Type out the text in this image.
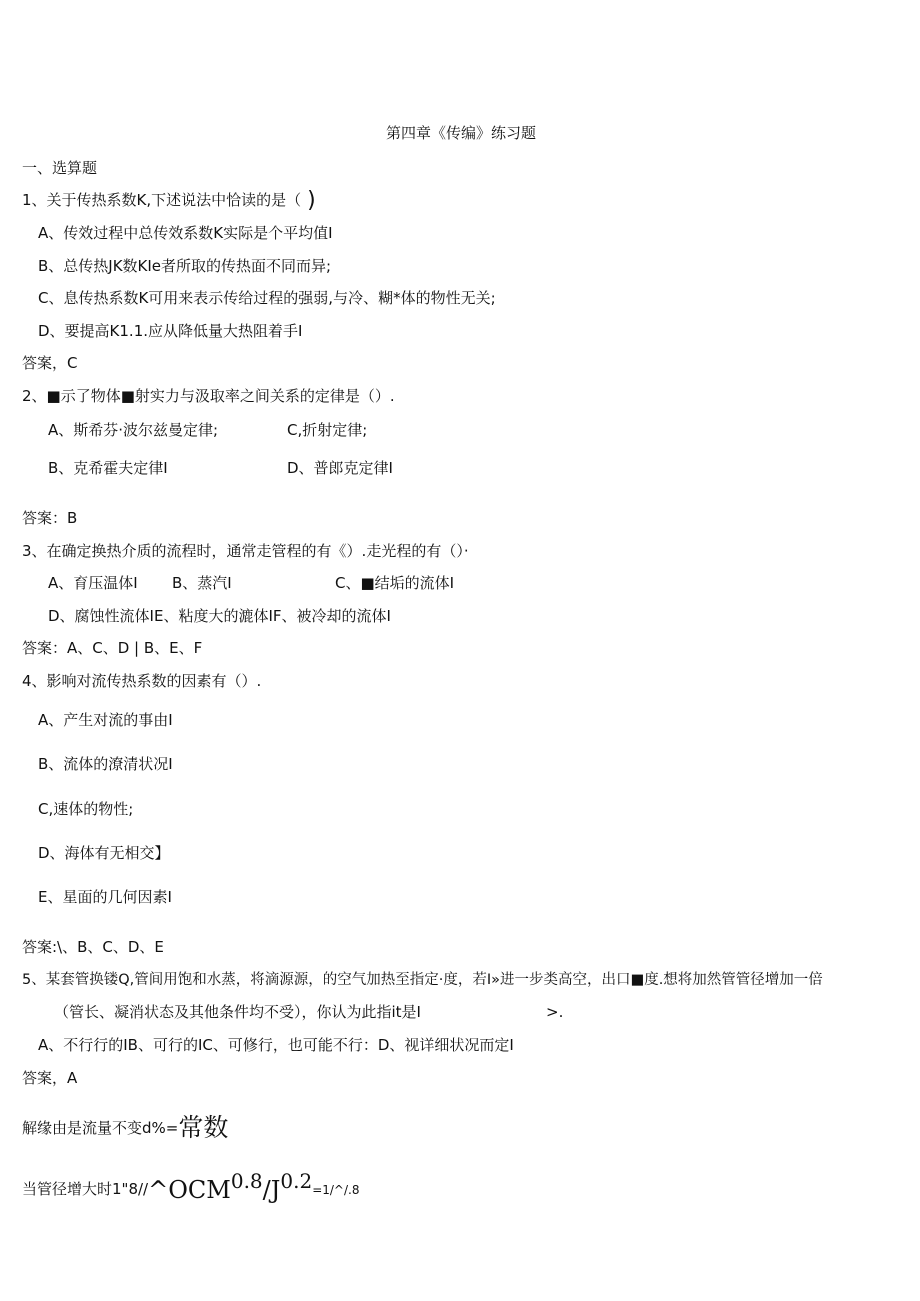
第四章《传编》练习题
一、选算题
1、关于传热系数K,下述说法中恰读的是（ )
A、传效过程中总传效系数K实际是个平均值I
B、总传热JK数KIe者所取的传热面不同而异;
C、息传热系数K可用来表示传给过程的强弱,与冷、糊*体的物性无关;
D、要提高K1.1.应从降低量大热阻着手I
答案，C
2、■示了物体■射实力与汲取率之间关系的定律是（）.
A、斯希芬·波尔兹曼定律;	C,折射定律;
B、克希霍夫定律I	D、普郎克定律I
答案：B
3、在确定换热介质的流程时，通常走管程的有《）.走光程的有（）·
A、育压温体I B、蒸汽I	C、■结垢的流体I
D、腐蚀性流体IE、粘度大的漉体IF、被冷却的流体I
答案：A、C、D | B、E、F
4、影响对流传热系数的因素有（）.
A、产生对流的事由I
B、流体的潦清状况I
C,速体的物性;
D、海体有无相交】
E、星面的几何因素I
答案:\、B、C、D、E
5、某套管换镂Q,管间用饱和水蒸，将滴源源，的空气加热至指定·度，若I»进一步类高空，出口■度.想将加然管管径增加一倍
（管长、凝消状态及其他条件均不受），你认为此指it是I	>.
A、不行行的IB、可行的IC、可修行，也可能不行：D、视详细状况而定I
答案，A
解缘由是流量不变d%=常数
当管径增大时1"8//^OCM0.8/J0.2=1/^/.8
